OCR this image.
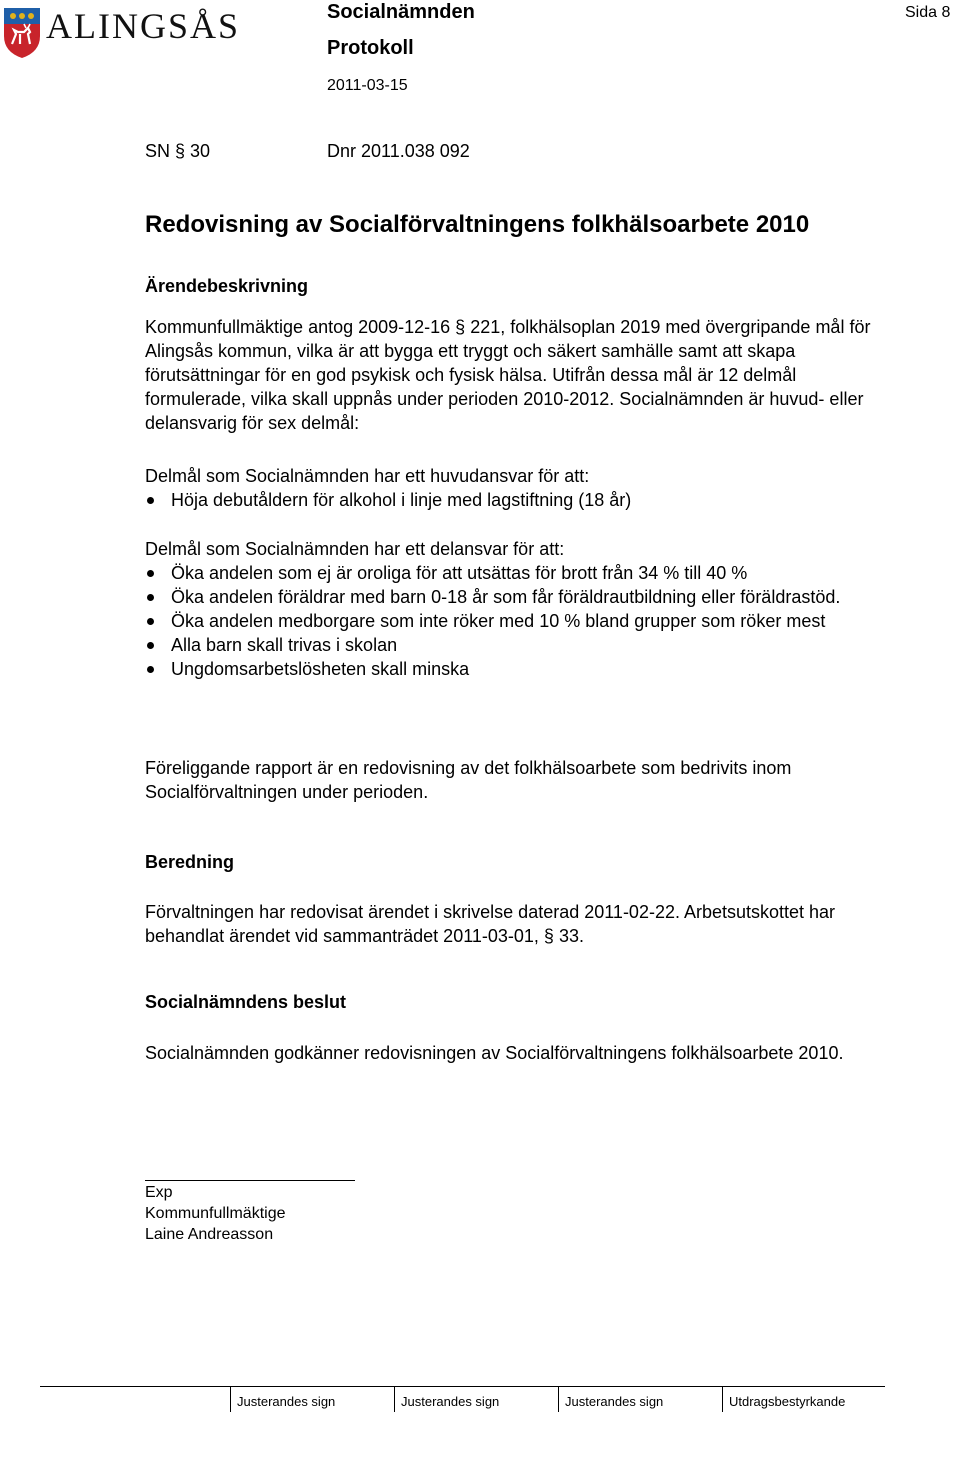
ALINGSÅS	Socialnämnden
Protokoll
2011-03-15
Sida 8
SN § 30	Dnr 2011.038 092
Redovisning av Socialförvaltningens folkhälsoarbete 2010
Ärendebeskrivning

Kommunfullmäktige antog 2009-12-16 § 221, folkhälsoplan 2019 med övergripande mål för Alingsås kommun, vilka är att bygga ett tryggt och säkert samhälle samt att skapa förutsättningar för en god psykisk och fysisk hälsa. Utifrån dessa mål är 12 delmål formulerade, vilka skall uppnås under perioden 2010-2012. Socialnämnden är huvud- eller delansvarig för sex delmål:

Delmål som Socialnämnden har ett huvudansvar för att:

Höja debutåldern för alkohol i linje med lagstiftning (18 år)

Delmål som Socialnämnden har ett delansvar för att:

Öka andelen som ej är oroliga för att utsättas för brott från 34 % till 40 %
Öka andelen föräldrar med barn 0-18 år som får föräldrautbildning eller föräldrastöd.
Öka andelen medborgare som inte röker med 10 % bland grupper som röker mest
Alla barn skall trivas i skolan
Ungdomsarbetslösheten skall minska

Föreliggande rapport är en redovisning av det folkhälsoarbete som bedrivits inom Socialförvaltningen under perioden.

Beredning

Förvaltningen har redovisat ärendet i skrivelse daterad 2011-02-22. Arbetsutskottet har behandlat ärendet vid sammanträdet 2011-03-01, § 33.

Socialnämndens beslut

Socialnämnden godkänner redovisningen av Socialförvaltningens folkhälsoarbete 2010.

Exp
Kommunfullmäktige
Laine Andreasson
Justerandes sign	Justerandes sign	Justerandes sign	Utdragsbestyrkande
